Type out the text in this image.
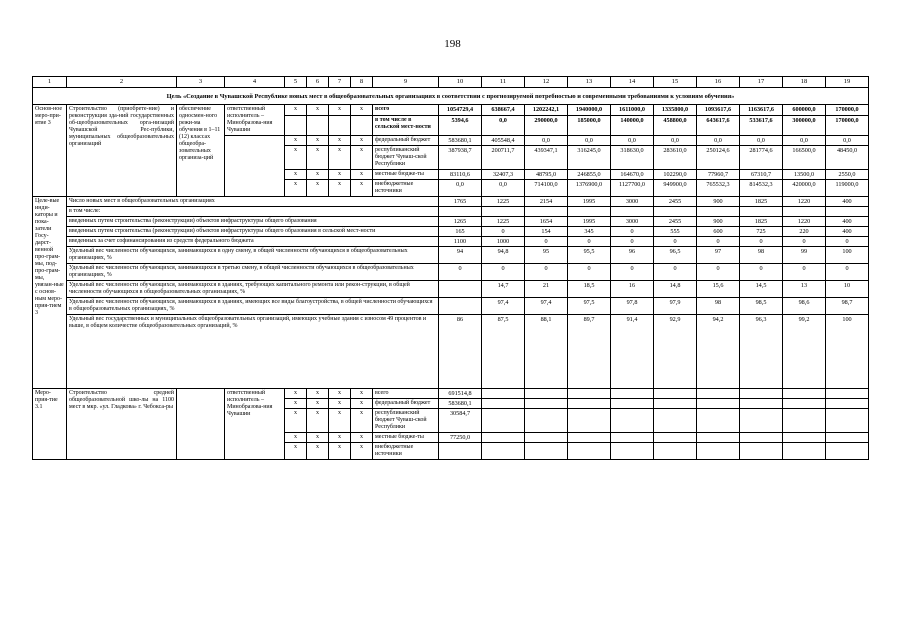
198
1	2	3	4	5	6	7	8	9	10	11	12	13	14	15	16	17	18	19
Цель «Создание в Чувашской Республике новых мест в общеобразовательных организациях в соответствии с прогнозируемой потребностью и современными требованиями к условиям обучения»																		
Основ-ное меро-при-ятие 3	Строительство (приобрете-ние) и реконструкция зда-ний государственных об-щеобразовательных орга-низаций Чувашской Рес-публики, муниципальных общеобразовательных организаций	обеспечение односмен-ного режи-ма обучения в 1–11 (12) классах общеобра-зовательных организа-ций	ответственный исполнитель – Минобразова-ния Чувашии	x	x	x	x	всего	1054729,4	638667,4	1202242,1	1940000,0	1611000,0	1335800,0	1093617,6	1163617,6	600000,0	170000,0
								в том числе в сельской мест-ности	5394,6	0,0	290000,0	185000,0	140000,0	458800,0	643617,6	533617,6	300000,0	170000,0
				x	x	x	x	федеральный бюджет	583680,1	405548,4	0,0	0,0	0,0	0,0	0,0	0,0	0,0	0,0
				x	x	x	x	республиканский бюджет Чуваш-ской Республики	387938,7	200711,7	439347,1	316245,0	318630,0	283610,0	250124,6	281774,6	166500,0	48450,0
				x	x	x	x	местные бюдже-ты	83110,6	32407,3	48795,0	246855,0	164670,0	102290,0	77960,7	67310,7	13500,0	2550,0
				x	x	x	x	внебюджетные источники	0,0	0,0	714100,0	1376900,0	1127700,0	949900,0	765532,3	814532,3	420000,0	119000,0
Целе-вые инди-каторы и пока-затели Госу-дарст-венной про-грам-мы, под-про-грам-мы, увязан-ные с основ-ным меро-прия-тием 3	Число новых мест в общеобразовательных организациях								1765	1225	2154	1995	3000	2455	900	1825	1220	400
	в том числе:																	
	введенных путем строительства (реконструкции) объектов инфраструктуры общего образования								1265	1225	1654	1995	3000	2455	900	1825	1220	400
	введенных путем строительства (реконструкции) объектов инфраструктуры общего образования в сельской мест-ности								165	0	154	345	0	555	600	725	220	400
	введенных за счет софинансирования из средств федерального бюджета								1100	1000	0	0	0	0	0	0	0	0
	Удельный вес численности обучающихся, занимающихся в одну смену, в общей численности обучающихся в общеобразовательных организациях, %								94	94,8	95	95,5	96	96,5	97	98	99	100
	Удельный вес численности обучающихся, занимающихся в третью смену, в общей численности обучающихся в общеобразовательных организациях, %								0	0	0	0	0	0	0	0	0	0
	Удельный вес численности обучающихся, занимающихся в зданиях, требующих капитального ремонта или рекон-струкции, в общей численности обучающихся в общеобразовательных организациях, %									14,7	21	18,5	16	14,8	15,6	14,5	13	10
	Удельный вес численности обучающихся, занимающихся в зданиях, имеющих все виды благоустройства, в общей численности обучающихся в общеобразовательных организациях, %									97,4	97,4	97,5	97,8	97,9	98	98,5	98,6	98,7
	Удельный вес государственных и муниципальных общеобразовательных организаций, имеющих учебные здания с износом 49 процентов и выше, в общем количестве общеобразовательных организаций, %								86	87,5	88,1	89,7	91,4	92,9	94,2	96,3	99,2	100
Меро-прия-тие 3.1	Строительство средней общеобразовательной шко-лы на 1100 мест в мкр. «ул. Гладкова» г. Чебокса-ры		ответственный исполнитель – Минобразова-ния Чувашии	x	x	x	x	всего	691514,8									
				x	x	x	x	федеральный бюджет	583680,1									
				x	x	x	x	республиканский бюджет Чуваш-ской Республики	30584,7									
				x	x	x	x	местные бюдже-ты	77250,0									
				x	x	x	x	внебюджетные источники										
